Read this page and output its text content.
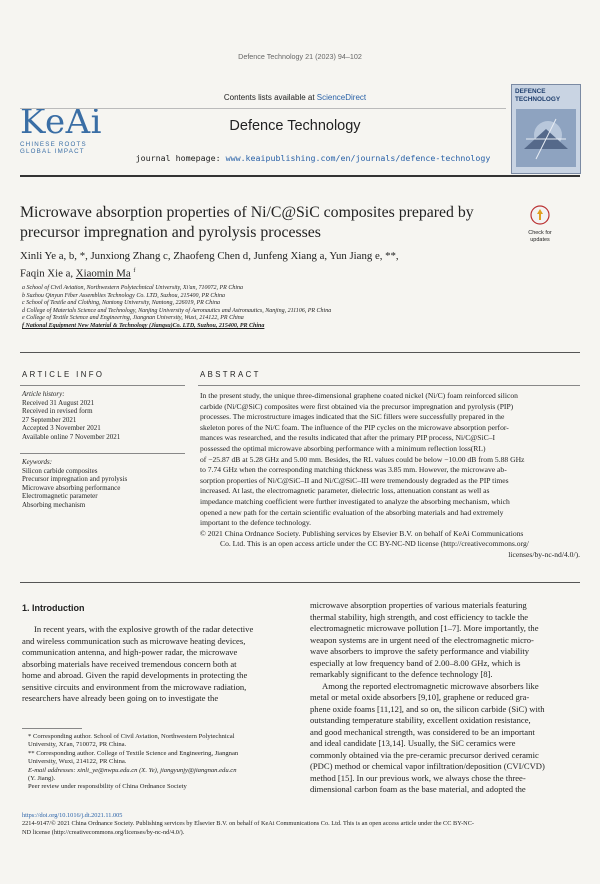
Defence Technology 21 (2023) 94–102
KeAi
CHINESE ROOTS
GLOBAL IMPACT
Contents lists available at ScienceDirect
Defence Technology
DEFENCE
TECHNOLOGY
journal homepage: www.keaipublishing.com/en/journals/defence-technology
Check for
updates
Microwave absorption properties of Ni/C@SiC composites prepared by
precursor impregnation and pyrolysis processes
Xinli Ye a, b, *, Junxiong Zhang c, Zhaofeng Chen d, Junfeng Xiang a, Yun Jiang e, **,
Faqin Xie a, Xiaomin Ma $^f$
a School of Civil Aviation, Northwestern Polytechnical University, Xi'an, 710072, PR China
b Suzhou Qinyun Fiber Assemblies Technology Co. LTD, Suzhou, 215400, PR China
c School of Textile and Clothing, Nantong University, Nantong, 226019, PR China
d College of Materials Science and Technology, Nanjing University of Aeronautics and Astronautics, Nanjing, 211106, PR China
e College of Textile Science and Engineering, Jiangnan University, Wuxi, 214122, PR China
f National Equipment New Material & Technology (Jiangsu)Co. LTD, Suzhou, 215400, PR China
ARTICLE INFO
Article history:
Received 31 August 2021
Received in revised form
27 September 2021
Accepted 3 November 2021
Available online 7 November 2021
Keywords:
Silicon carbide composites
Precursor impregnation and pyrolysis
Microwave absorbing performance
Electromagnetic parameter
Absorbing mechanism
ABSTRACT
In the present study, the unique three-dimensional graphene coated nickel (Ni/C) foam reinforced silicon
carbide (Ni/C@SiC) composites were first obtained via the precursor impregnation and pyrolysis (PIP)
processes. The microstructure images indicated that the SiC fillers were successfully prepared in the
skeleton pores of the Ni/C foam. The influence of the PIP cycles on the microwave absorption perfor-
mances was researched, and the results indicated that after the primary PIP process, Ni/C@SiC–I
possessed the optimal microwave absorbing performance with a minimum reflection loss(RL)
of −25.87 dB at 5.28 GHz and 5.00 mm. Besides, the RL values could be below −10.00 dB from 5.88 GHz
to 7.74 GHz when the corresponding matching thickness was 3.85 mm. However, the microwave ab-
sorption properties of Ni/C@SiC–II and Ni/C@SiC–III were tremendously degraded as the PIP times
increased. At last, the electromagnetic parameter, dielectric loss, attenuation constant as well as
impedance matching coefficient were further investigated to analyze the absorbing mechanism, which
opened a new path for the certain scientific evaluation of the absorbing materials and had extremely
important to the defence technology.
© 2021 China Ordnance Society. Publishing services by Elsevier B.V. on behalf of KeAi Communications
Co. Ltd. This is an open access article under the CC BY-NC-ND license (http://creativecommons.org/
licenses/by-nc-nd/4.0/).
1. Introduction
In recent years, with the explosive growth of the radar detective
and wireless communication such as microwave heating devices,
communication antenna, and high-power radar, the microwave
absorbing materials have received tremendous concern both at
home and abroad. Given the rapid developments in protecting the
sensitive circuits and environment from the microwave radiation,
researchers have already been going on to investigate the
* Corresponding author. School of Civil Aviation, Northwestern Polytechnical
University, Xi'an, 710072, PR China.
** Corresponding author. College of Textile Science and Engineering, Jiangnan
University, Wuxi, 214122, PR China.
E-mail addresses: xinli_ye@nwpu.edu.cn (X. Ye), jiangyunjy@jiangnan.edu.cn
(Y. Jiang).
Peer review under responsibility of China Ordnance Society
microwave absorption properties of various materials featuring
thermal stability, high strength, and cost efficiency to tackle the
electromagnetic microwave pollution [1–7]. More importantly, the
weapon systems are in urgent need of the electromagnetic micro-
wave absorbers to improve the safety performance and viability
especially at low frequency band of 2.00–8.00 GHz, which is
remarkably significant to the defence technology [8].
Among the reported electromagnetic microwave absorbers like
metal or metal oxide absorbers [9,10], graphene or reduced gra-
phene oxide foams [11,12], and so on, the silicon carbide (SiC) with
outstanding temperature stability, excellent oxidation resistance,
and good mechanical strength, was considered to be an important
and ideal candidate [13,14]. Usually, the SiC ceramics were
commonly obtained via the pre-ceramic precursor derived ceramic
(PDC) method or chemical vapor infiltration/deposition (CVI/CVD)
method [15]. In our previous work, we always chose the three-
dimensional carbon foam as the base material, and adopted the
https://doi.org/10.1016/j.dt.2021.11.005
2214-9147/© 2021 China Ordnance Society. Publishing services by Elsevier B.V. on behalf of KeAi Communications Co. Ltd. This is an open access article under the CC BY-NC-
ND license (http://creativecommons.org/licenses/by-nc-nd/4.0/).
